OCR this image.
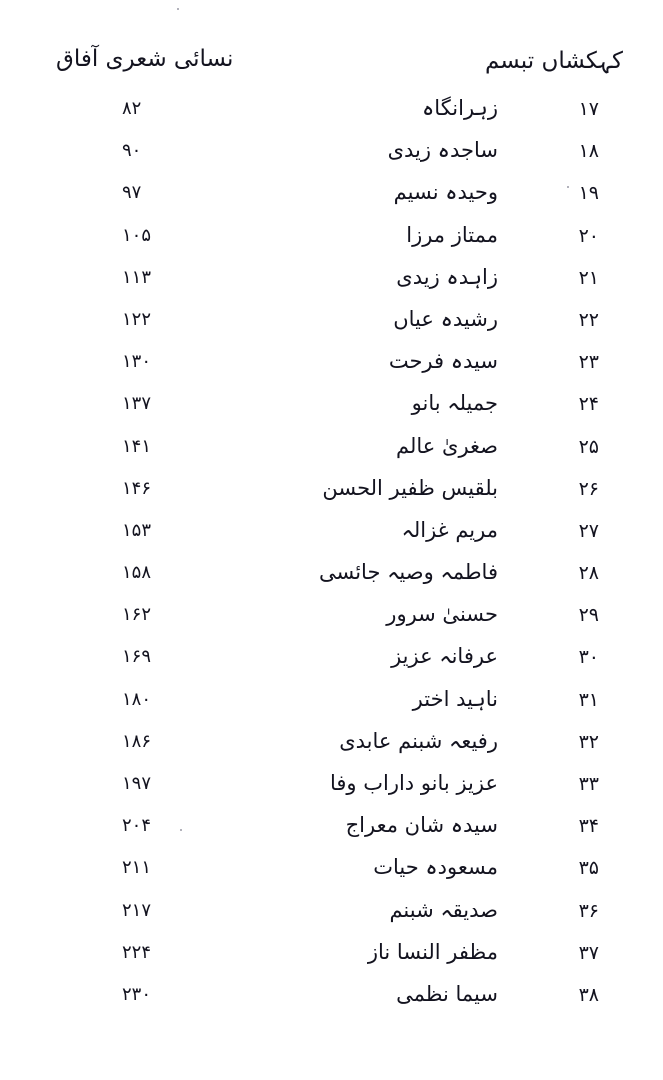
کہکشاں تبسم
نسائی شعری آفاق
۱۷
زہرانگاہ
۸۲
۱۸
ساجدہ زیدی
۹۰
۱۹
وحیدہ نسیم
۹۷
۲۰
ممتاز مرزا
۱۰۵
۲۱
زاہدہ زیدی
۱۱۳
۲۲
رشیدہ عیاں
۱۲۲
۲۳
سیدہ فرحت
۱۳۰
۲۴
جمیلہ بانو
۱۳۷
۲۵
صغریٰ عالم
۱۴۱
۲۶
بلقیس ظفیر الحسن
۱۴۶
۲۷
مریم غزالہ
۱۵۳
۲۸
فاطمہ وصیہ جائسی
۱۵۸
۲۹
حسنیٰ سرور
۱۶۲
۳۰
عرفانہ عزیز
۱۶۹
۳۱
ناہید اختر
۱۸۰
۳۲
رفیعہ شبنم عابدی
۱۸۶
۳۳
عزیز بانو داراب وفا
۱۹۷
۳۴
سیدہ شان معراج
۲۰۴
۳۵
مسعودہ حیات
۲۱۱
۳۶
صدیقہ شبنم
۲۱۷
۳۷
مظفر النسا ناز
۲۲۴
۳۸
سیما نظمی
۲۳۰
